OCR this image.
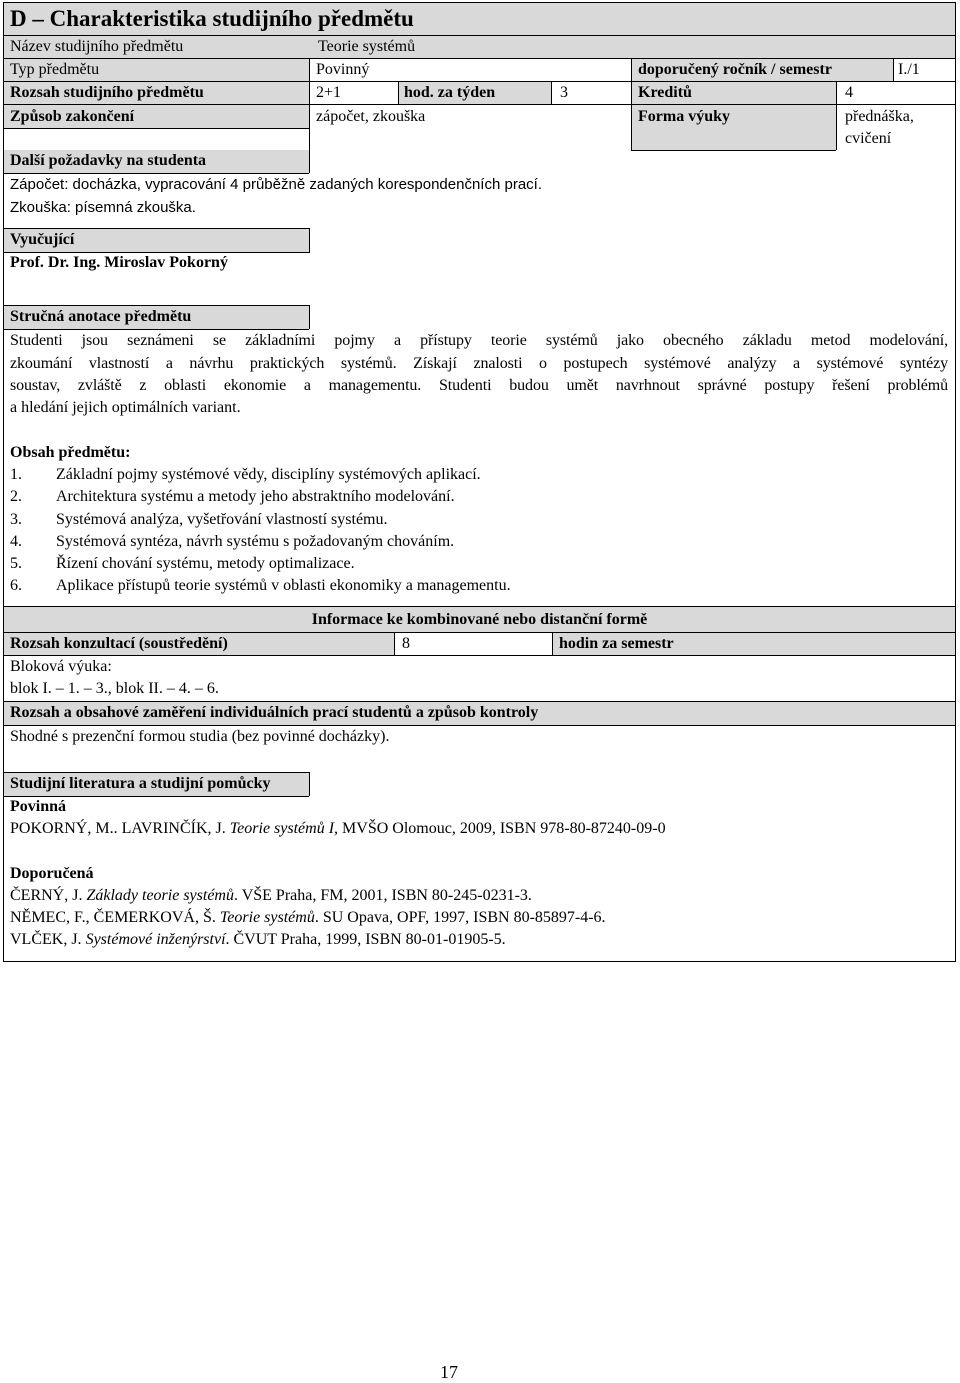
D – Charakteristika studijního předmětu
Název studijního předmětu	Teorie systémů
Typ předmětu	Povinný	doporučený ročník / semestr	I./1
Rozsah studijního předmětu	2+1	hod. za týden	3	Kreditů	4
Způsob zakončení	zápočet, zkouška	Forma výuky	přednáška,
cvičení
Další požadavky na studenta
Zápočet: docházka, vypracování 4 průběžně zadaných korespondenčních prací.
Zkouška: písemná zkouška.
Vyučující
Prof. Dr. Ing. Miroslav Pokorný
Stručná anotace předmětu
Studenti jsou seznámeni se základními pojmy a přístupy teorie systémů jako obecného základu metod modelování,
zkoumání vlastností a návrhu praktických systémů. Získají znalosti o postupech systémové analýzy a systémové syntézy
soustav, zvláště z oblasti ekonomie a managementu. Studenti budou umět navrhnout správné postupy řešení problémů
a hledání jejich optimálních variant.
Obsah předmětu:
1. Základní pojmy systémové vědy, disciplíny systémových aplikací.
2. Architektura systému a metody jeho abstraktního modelování.
3. Systémová analýza, vyšetřování vlastností systému.
4. Systémová syntéza, návrh systému s požadovaným chováním.
5. Řízení chování systému, metody optimalizace.
6. Aplikace přístupů teorie systémů v oblasti ekonomiky a managementu.
Informace ke kombinované nebo distanční formě
Rozsah konzultací (soustředění)	8	hodin za semestr
Bloková výuka:
blok I. – 1. – 3., blok II. – 4. – 6.
Rozsah a obsahové zaměření individuálních prací studentů a způsob kontroly
Shodné s prezenční formou studia (bez povinné docházky).
Studijní literatura a studijní pomůcky
Povinná
POKORNÝ, M.. LAVRINČÍK, J. Teorie systémů I, MVŠO Olomouc, 2009, ISBN 978-80-87240-09-0
Doporučená
ČERNÝ, J. Základy teorie systémů. VŠE Praha, FM, 2001, ISBN 80-245-0231-3.
NĚMEC, F., ČEMERKOVÁ, Š. Teorie systémů. SU Opava, OPF, 1997, ISBN 80-85897-4-6.
VLČEK, J. Systémové inženýrství. ČVUT Praha, 1999, ISBN 80-01-01905-5.
17
